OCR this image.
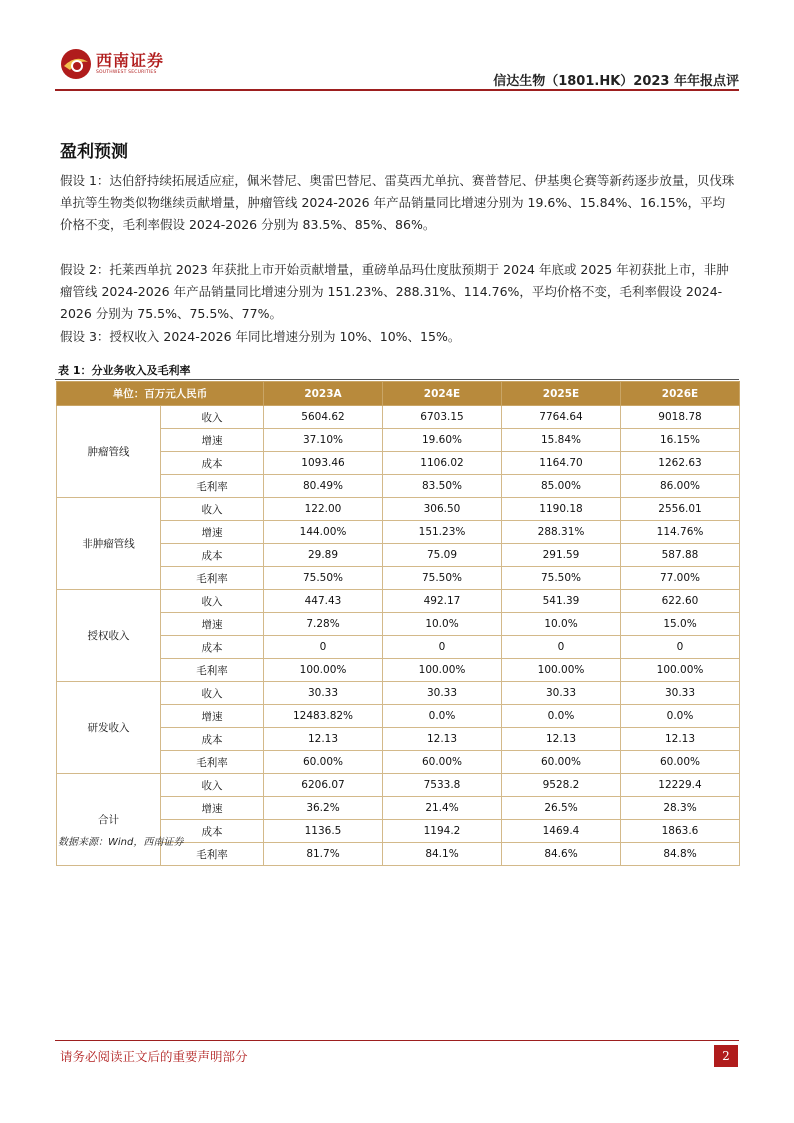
西南证券
SOUTHWEST SECURITIES
信达生物（1801.HK）2023 年年报点评
盈利预测

假设 1：达伯舒持续拓展适应症，佩米替尼、奥雷巴替尼、雷莫西尤单抗、赛普替尼、伊基奥仑赛等新药逐步放量，贝伐珠单抗等生物类似物继续贡献增量，肿瘤管线 2024-2026 年产品销量同比增速分别为 19.6%、15.84%、16.15%，平均价格不变，毛利率假设 2024-2026 分别为 83.5%、85%、86%。

假设 2：托莱西单抗 2023 年获批上市开始贡献增量，重磅单品玛仕度肽预期于 2024 年底或 2025 年初获批上市，非肿瘤管线 2024-2026 年产品销量同比增速分别为 151.23%、288.31%、114.76%，平均价格不变，毛利率假设 2024-2026 分别为 75.5%、75.5%、77%。

假设 3：授权收入 2024-2026 年同比增速分别为 10%、10%、15%。

表 1：分业务收入及毛利率
单位：百万元人民币		2023A	2024E	2025E	2026E
肿瘤管线	收入	5604.62	6703.15	7764.64	9018.78
	增速	37.10%	19.60%	15.84%	16.15%
	成本	1093.46	1106.02	1164.70	1262.63
	毛利率	80.49%	83.50%	85.00%	86.00%
非肿瘤管线	收入	122.00	306.50	1190.18	2556.01
	增速	144.00%	151.23%	288.31%	114.76%
	成本	29.89	75.09	291.59	587.88
	毛利率	75.50%	75.50%	75.50%	77.00%
授权收入	收入	447.43	492.17	541.39	622.60
	增速	7.28%	10.0%	10.0%	15.0%
	成本	0	0	0	0
	毛利率	100.00%	100.00%	100.00%	100.00%
研发收入	收入	30.33	30.33	30.33	30.33
	增速	12483.82%	0.0%	0.0%	0.0%
	成本	12.13	12.13	12.13	12.13
	毛利率	60.00%	60.00%	60.00%	60.00%
合计	收入	6206.07	7533.8	9528.2	12229.4
	增速	36.2%	21.4%	26.5%	28.3%
	成本	1136.5	1194.2	1469.4	1863.6
	毛利率	81.7%	84.1%	84.6%	84.8%
数据来源：Wind，西南证券
请务必阅读正文后的重要声明部分	2
